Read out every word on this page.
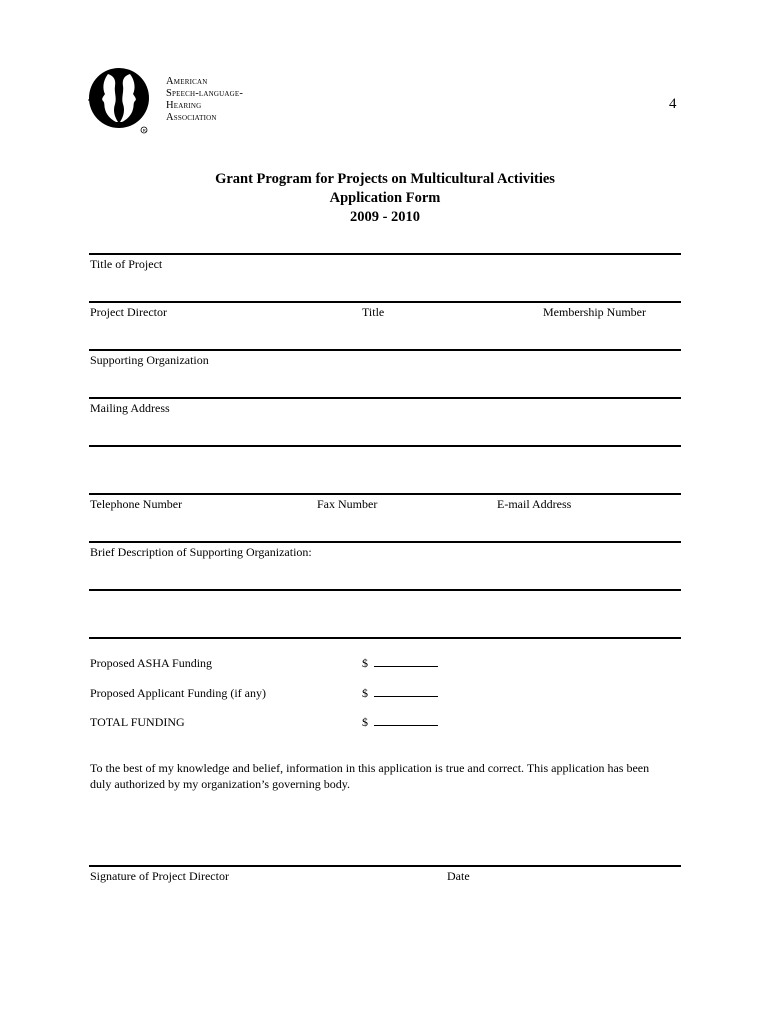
R
American
Speech-language-
Hearing
Association
4
Grant Program for Projects on Multicultural Activities
Application Form
2009 - 2010
Title of Project
Project Director	Title	Membership Number
Supporting Organization
Mailing Address
Telephone Number	Fax Number	E-mail Address
Brief Description of Supporting Organization:
Proposed ASHA Funding	$
Proposed Applicant Funding (if any)	$
TOTAL FUNDING	$
To the best of my knowledge and belief, information in this application is true and correct. This application has been duly authorized by my organization’s governing body.
Signature of Project Director	Date
